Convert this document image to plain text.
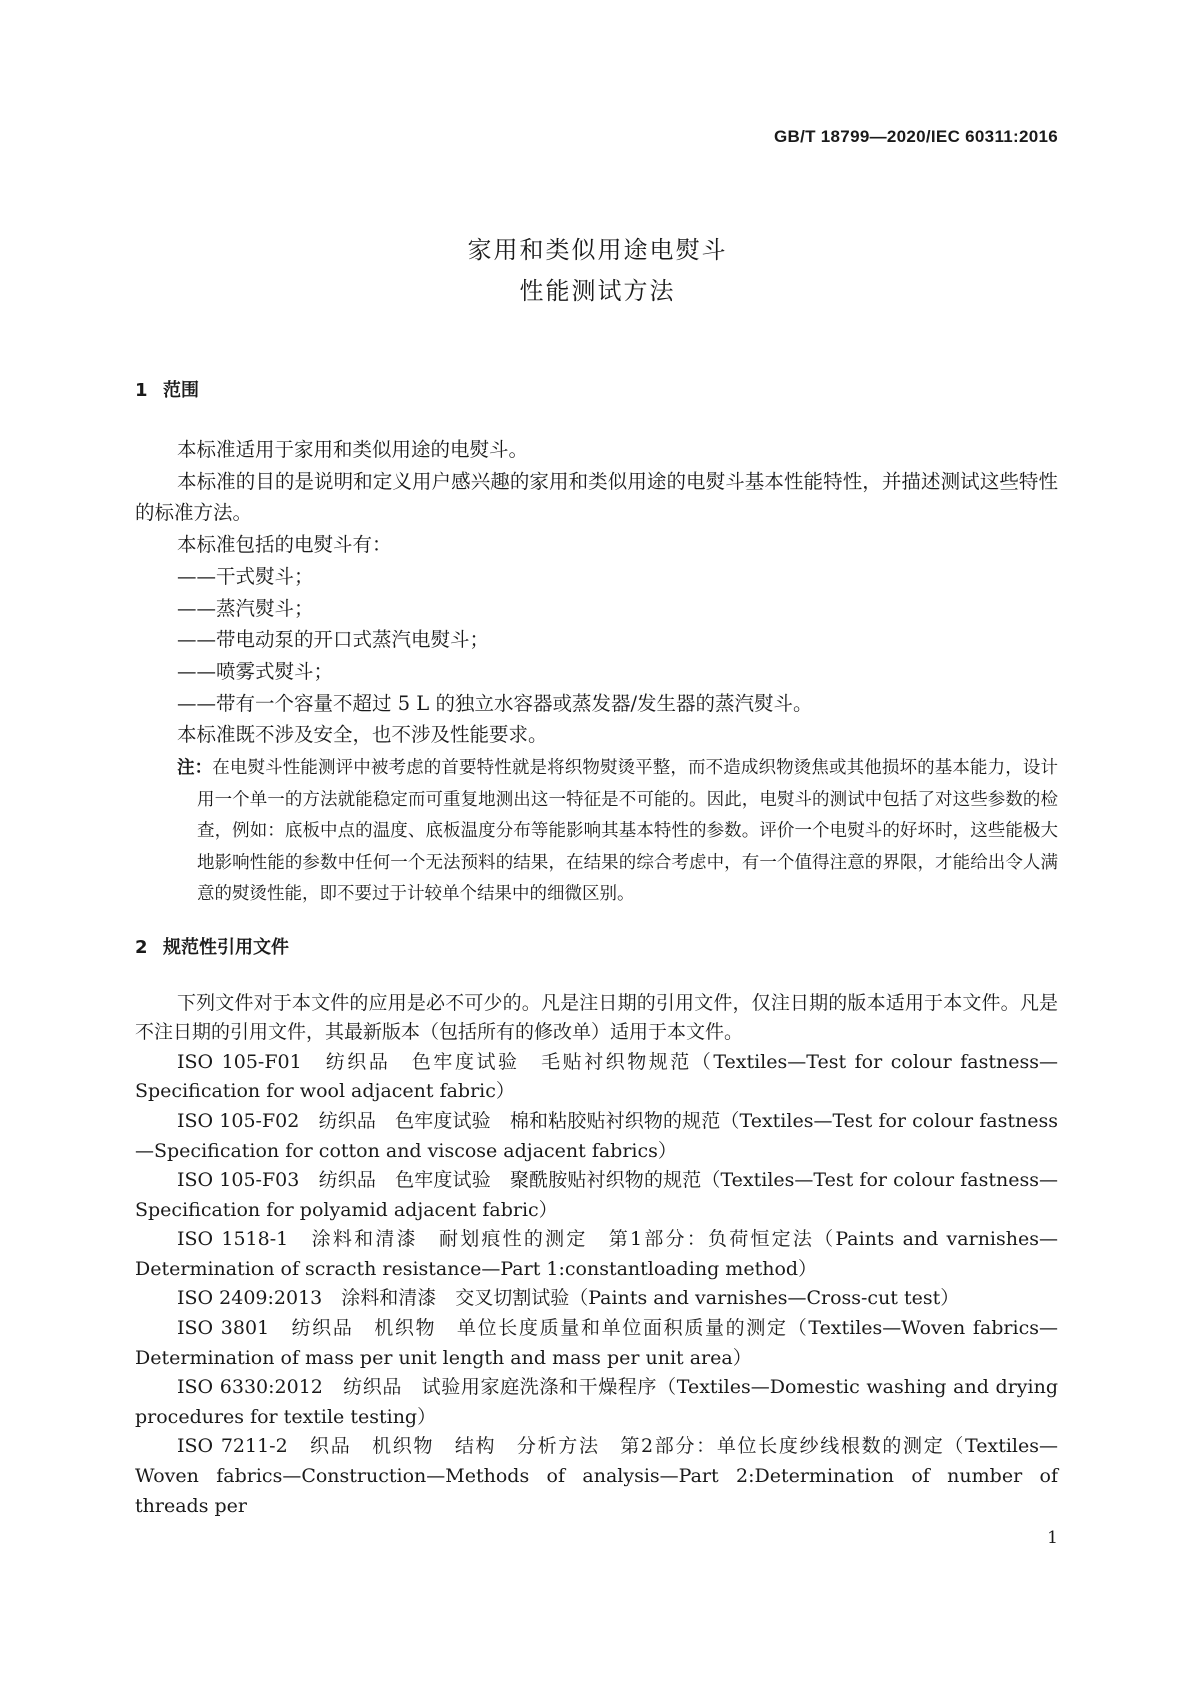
GB/T 18799—2020/IEC 60311:2016
家用和类似用途电熨斗
性能测试方法
1 范围

本标准适用于家用和类似用途的电熨斗。

本标准的目的是说明和定义用户感兴趣的家用和类似用途的电熨斗基本性能特性，并描述测试这些特性的标准方法。

本标准包括的电熨斗有：

——干式熨斗；

——蒸汽熨斗；

——带电动泵的开口式蒸汽电熨斗；

——喷雾式熨斗；

——带有一个容量不超过 5 L 的独立水容器或蒸发器/发生器的蒸汽熨斗。

本标准既不涉及安全，也不涉及性能要求。

注：在电熨斗性能测评中被考虑的首要特性就是将织物熨烫平整，而不造成织物烫焦或其他损坏的基本能力，设计用一个单一的方法就能稳定而可重复地测出这一特征是不可能的。因此，电熨斗的测试中包括了对这些参数的检查，例如：底板中点的温度、底板温度分布等能影响其基本特性的参数。评价一个电熨斗的好坏时，这些能极大地影响性能的参数中任何一个无法预料的结果，在结果的综合考虑中，有一个值得注意的界限，才能给出令人满意的熨烫性能，即不要过于计较单个结果中的细微区别。
2 规范性引用文件

下列文件对于本文件的应用是必不可少的。凡是注日期的引用文件，仅注日期的版本适用于本文件。凡是不注日期的引用文件，其最新版本（包括所有的修改单）适用于本文件。

ISO 105-F01　纺织品　色牢度试验　毛贴衬织物规范（Textiles—Test for colour fastness—Specification for wool adjacent fabric）

ISO 105-F02　纺织品　色牢度试验　棉和粘胶贴衬织物的规范（Textiles—Test for colour fastness—Specification for cotton and viscose adjacent fabrics）

ISO 105-F03　纺织品　色牢度试验　聚酰胺贴衬织物的规范（Textiles—Test for colour fastness—Specification for polyamid adjacent fabric）

ISO 1518-1　涂料和清漆　耐划痕性的测定　第1部分：负荷恒定法（Paints and varnishes—Determination of scracth resistance—Part 1:constantloading method）

ISO 2409:2013　涂料和清漆　交叉切割试验（Paints and varnishes—Cross-cut test）

ISO 3801　纺织品　机织物　单位长度质量和单位面积质量的测定（Textiles—Woven fabrics—Determination of mass per unit length and mass per unit area）

ISO 6330:2012　纺织品　试验用家庭洗涤和干燥程序（Textiles—Domestic washing and drying procedures for textile testing）

ISO 7211-2　织品　机织物　结构　分析方法　第2部分：单位长度纱线根数的测定（Textiles—Woven fabrics—Construction—Methods of analysis—Part 2:Determination of number of threads per

1
